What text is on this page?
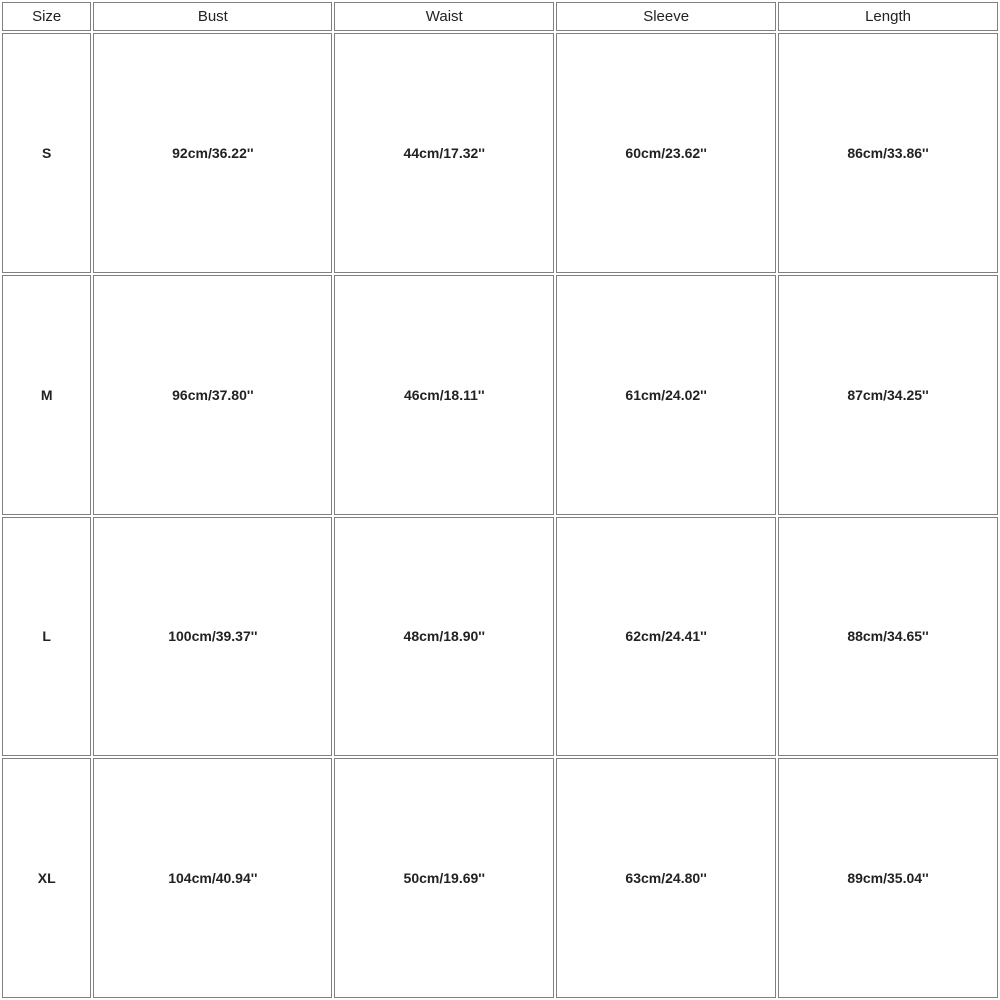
Size	Bust	Waist	Sleeve	Length
S	92cm/36.22''	44cm/17.32''	60cm/23.62''	86cm/33.86''
M	96cm/37.80''	46cm/18.11''	61cm/24.02''	87cm/34.25''
L	100cm/39.37''	48cm/18.90''	62cm/24.41''	88cm/34.65''
XL	104cm/40.94''	50cm/19.69''	63cm/24.80''	89cm/35.04''
